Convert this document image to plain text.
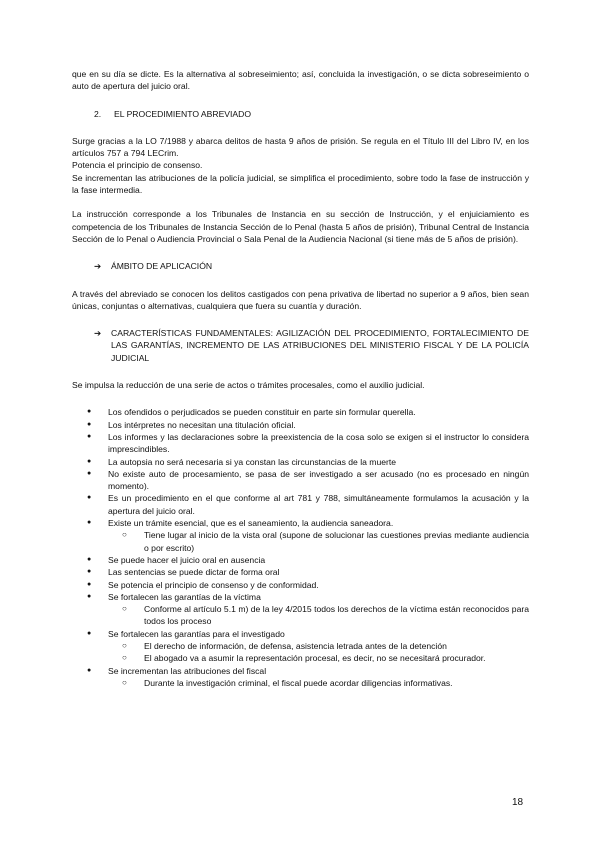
que en su día se dicte. Es la alternativa al sobreseimiento; así, concluida la investigación, o se dicta sobreseimiento o auto de apertura del juicio oral.

2.	EL PROCEDIMIENTO ABREVIADO

Surge gracias a la LO 7/1988 y abarca delitos de hasta 9 años de prisión. Se regula en el Título III del Libro IV, en los artículos 757 a 794 LECrim.

Potencia el principio de consenso.

Se incrementan las atribuciones de la policía judicial, se simplifica el procedimiento, sobre todo la fase de instrucción y la fase intermedia.

La instrucción corresponde a los Tribunales de Instancia en su sección de Instrucción, y el enjuiciamiento es competencia de los Tribunales de Instancia Sección de lo Penal (hasta 5 años de prisión), Tribunal Central de Instancia Sección de lo Penal o Audiencia Provincial o Sala Penal de la Audiencia Nacional (si tiene más de 5 años de prisión).

➔	ÁMBITO DE APLICACIÓN

A través del abreviado se conocen los delitos castigados con pena privativa de libertad no superior a 9 años, bien sean únicas, conjuntas o alternativas, cualquiera que fuera su cuantía y duración.

➔	CARACTERÍSTICAS FUNDAMENTALES: AGILIZACIÓN DEL PROCEDIMIENTO, FORTALECIMIENTO DE LAS GARANTÍAS, INCREMENTO DE LAS ATRIBUCIONES DEL MINISTERIO FISCAL Y DE LA POLICÍA JUDICIAL

Se impulsa la reducción de una serie de actos o trámites procesales, como el auxilio judicial.

● Los ofendidos o perjudicados se pueden constituir en parte sin formular querella.
● Los intérpretes no necesitan una titulación oficial.
● Los informes y las declaraciones sobre la preexistencia de la cosa solo se exigen si el instructor lo considera imprescindibles.
● La autopsia no será necesaria si ya constan las circunstancias de la muerte
● No existe auto de procesamiento, se pasa de ser investigado a ser acusado (no es procesado en ningún momento).
● Es un procedimiento en el que conforme al art 781 y 788, simultáneamente formulamos la acusación y la apertura del juicio oral.
● Existe un trámite esencial, que es el saneamiento, la audiencia saneadora.
○ Tiene lugar al inicio de la vista oral (supone de solucionar las cuestiones previas mediante audiencia o por escrito)
● Se puede hacer el juicio oral en ausencia
● Las sentencias se puede dictar de forma oral
● Se potencia el principio de consenso y de conformidad.
● Se fortalecen las garantías de la víctima
○ Conforme al artículo 5.1 m) de la ley 4/2015 todos los derechos de la víctima están reconocidos para todos los proceso
● Se fortalecen las garantías para el investigado
○ El derecho de información, de defensa, asistencia letrada antes de la detención
○ El abogado va a asumir la representación procesal, es decir, no se necesitará procurador.
● Se incrementan las atribuciones del fiscal
○ Durante la investigación criminal, el fiscal puede acordar diligencias informativas.
18
